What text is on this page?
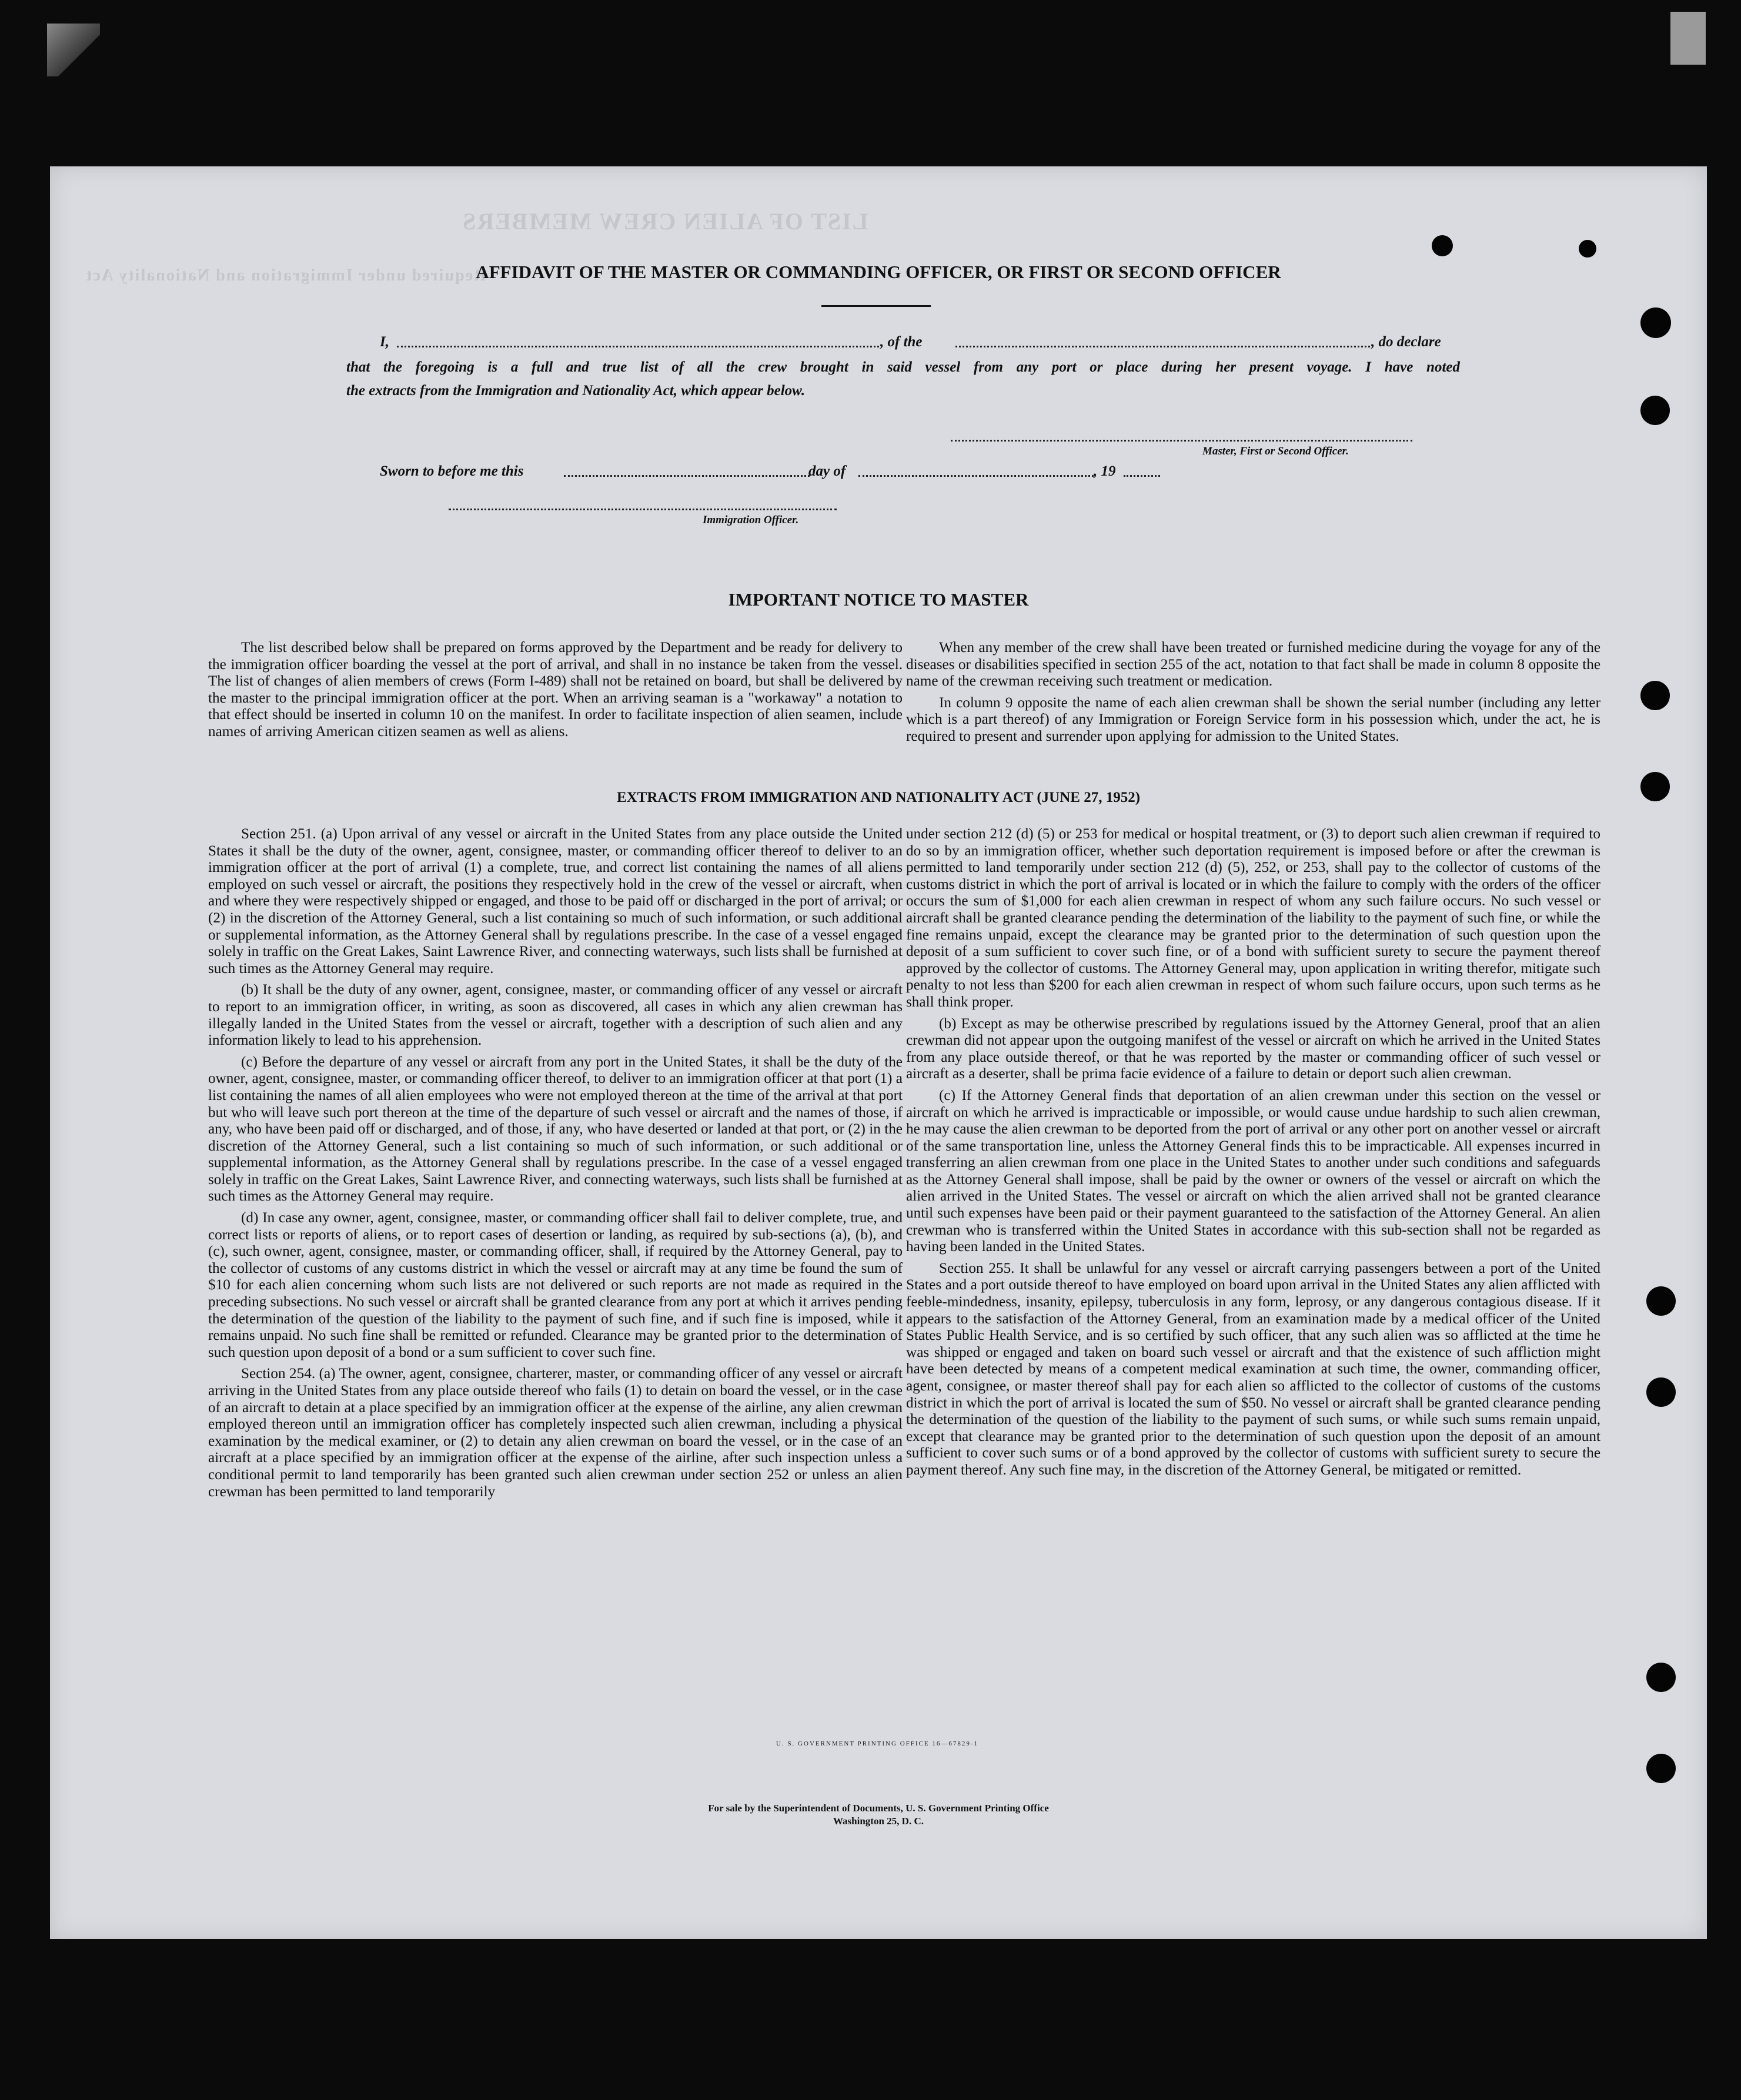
LIST OF ALIEN CREW MEMBERS
Required under Immigration and Nationality Act
AFFIDAVIT OF THE MASTER OR COMMANDING OFFICER, OR FIRST OR SECOND OFFICER
I,	, of the	, do declare
that the foregoing is a full and true list of all the crew brought in said vessel from any port or place during her present voyage. I have noted
the extracts from the Immigration and Nationality Act, which appear below.
Master, First or Second Officer.
Sworn to before me this	day of	, 19
Immigration Officer.
IMPORTANT NOTICE TO MASTER

The list described below shall be prepared on forms approved by the Department and be ready for delivery to the immigration officer boarding the vessel at the port of arrival, and shall in no instance be taken from the vessel. The list of changes of alien members of crews (Form I-489) shall not be retained on board, but shall be delivered by the master to the principal immigration officer at the port. When an arriving seaman is a "workaway" a notation to that effect should be inserted in column 10 on the manifest. In order to facilitate inspection of alien seamen, include names of arriving American citizen seamen as well as aliens.

When any member of the crew shall have been treated or furnished medicine during the voyage for any of the diseases or disabilities specified in section 255 of the act, notation to that fact shall be made in column 8 opposite the name of the crewman receiving such treatment or medication.

In column 9 opposite the name of each alien crewman shall be shown the serial number (including any letter which is a part thereof) of any Immigration or Foreign Service form in his possession which, under the act, he is required to present and surrender upon applying for admission to the United States.

EXTRACTS FROM IMMIGRATION AND NATIONALITY ACT (JUNE 27, 1952)

Section 251. (a) Upon arrival of any vessel or aircraft in the United States from any place outside the United States it shall be the duty of the owner, agent, consignee, master, or commanding officer thereof to deliver to an immigration officer at the port of arrival (1) a complete, true, and correct list containing the names of all aliens employed on such vessel or aircraft, the positions they respectively hold in the crew of the vessel or aircraft, when and where they were respectively shipped or engaged, and those to be paid off or discharged in the port of arrival; or (2) in the discretion of the Attorney General, such a list containing so much of such information, or such additional or supplemental information, as the Attorney General shall by regulations prescribe. In the case of a vessel engaged solely in traffic on the Great Lakes, Saint Lawrence River, and connecting waterways, such lists shall be furnished at such times as the Attorney General may require.

(b) It shall be the duty of any owner, agent, consignee, master, or commanding officer of any vessel or aircraft to report to an immigration officer, in writing, as soon as discovered, all cases in which any alien crewman has illegally landed in the United States from the vessel or aircraft, together with a description of such alien and any information likely to lead to his apprehension.

(c) Before the departure of any vessel or aircraft from any port in the United States, it shall be the duty of the owner, agent, consignee, master, or commanding officer thereof, to deliver to an immigration officer at that port (1) a list containing the names of all alien employees who were not employed thereon at the time of the arrival at that port but who will leave such port thereon at the time of the departure of such vessel or aircraft and the names of those, if any, who have been paid off or discharged, and of those, if any, who have deserted or landed at that port, or (2) in the discretion of the Attorney General, such a list containing so much of such information, or such additional or supplemental information, as the Attorney General shall by regulations prescribe. In the case of a vessel engaged solely in traffic on the Great Lakes, Saint Lawrence River, and connecting waterways, such lists shall be furnished at such times as the Attorney General may require.

(d) In case any owner, agent, consignee, master, or commanding officer shall fail to deliver complete, true, and correct lists or reports of aliens, or to report cases of desertion or landing, as required by sub-sections (a), (b), and (c), such owner, agent, consignee, master, or commanding officer, shall, if required by the Attorney General, pay to the collector of customs of any customs district in which the vessel or aircraft may at any time be found the sum of $10 for each alien concerning whom such lists are not delivered or such reports are not made as required in the preceding subsections. No such vessel or aircraft shall be granted clearance from any port at which it arrives pending the determination of the question of the liability to the payment of such fine, and if such fine is imposed, while it remains unpaid. No such fine shall be remitted or refunded. Clearance may be granted prior to the determination of such question upon deposit of a bond or a sum sufficient to cover such fine.

Section 254. (a) The owner, agent, consignee, charterer, master, or commanding officer of any vessel or aircraft arriving in the United States from any place outside thereof who fails (1) to detain on board the vessel, or in the case of an aircraft to detain at a place specified by an immigration officer at the expense of the airline, any alien crewman employed thereon until an immigration officer has completely inspected such alien crewman, including a physical examination by the medical examiner, or (2) to detain any alien crewman on board the vessel, or in the case of an aircraft at a place specified by an immigration officer at the expense of the airline, after such inspection unless a conditional permit to land temporarily has been granted such alien crewman under section 252 or unless an alien crewman has been permitted to land temporarily

under section 212 (d) (5) or 253 for medical or hospital treatment, or (3) to deport such alien crewman if required to do so by an immigration officer, whether such deportation requirement is imposed before or after the crewman is permitted to land temporarily under section 212 (d) (5), 252, or 253, shall pay to the collector of customs of the customs district in which the port of arrival is located or in which the failure to comply with the orders of the officer occurs the sum of $1,000 for each alien crewman in respect of whom any such failure occurs. No such vessel or aircraft shall be granted clearance pending the determination of the liability to the payment of such fine, or while the fine remains unpaid, except the clearance may be granted prior to the determination of such question upon the deposit of a sum sufficient to cover such fine, or of a bond with sufficient surety to secure the payment thereof approved by the collector of customs. The Attorney General may, upon application in writing therefor, mitigate such penalty to not less than $200 for each alien crewman in respect of whom such failure occurs, upon such terms as he shall think proper.

(b) Except as may be otherwise prescribed by regulations issued by the Attorney General, proof that an alien crewman did not appear upon the outgoing manifest of the vessel or aircraft on which he arrived in the United States from any place outside thereof, or that he was reported by the master or commanding officer of such vessel or aircraft as a deserter, shall be prima facie evidence of a failure to detain or deport such alien crewman.

(c) If the Attorney General finds that deportation of an alien crewman under this section on the vessel or aircraft on which he arrived is impracticable or impossible, or would cause undue hardship to such alien crewman, he may cause the alien crewman to be deported from the port of arrival or any other port on another vessel or aircraft of the same transportation line, unless the Attorney General finds this to be impracticable. All expenses incurred in transferring an alien crewman from one place in the United States to another under such conditions and safeguards as the Attorney General shall impose, shall be paid by the owner or owners of the vessel or aircraft on which the alien arrived in the United States. The vessel or aircraft on which the alien arrived shall not be granted clearance until such expenses have been paid or their payment guaranteed to the satisfaction of the Attorney General. An alien crewman who is transferred within the United States in accordance with this sub-section shall not be regarded as having been landed in the United States.

Section 255. It shall be unlawful for any vessel or aircraft carrying passengers between a port of the United States and a port outside thereof to have employed on board upon arrival in the United States any alien afflicted with feeble-mindedness, insanity, epilepsy, tuberculosis in any form, leprosy, or any dangerous contagious disease. If it appears to the satisfaction of the Attorney General, from an examination made by a medical officer of the United States Public Health Service, and is so certified by such officer, that any such alien was so afflicted at the time he was shipped or engaged and taken on board such vessel or aircraft and that the existence of such affliction might have been detected by means of a competent medical examination at such time, the owner, commanding officer, agent, consignee, or master thereof shall pay for each alien so afflicted to the collector of customs of the customs district in which the port of arrival is located the sum of $50. No vessel or aircraft shall be granted clearance pending the determination of the question of the liability to the payment of such sums, or while such sums remain unpaid, except that clearance may be granted prior to the determination of such question upon the deposit of an amount sufficient to cover such sums or of a bond approved by the collector of customs with sufficient surety to secure the payment thereof. Any such fine may, in the discretion of the Attorney General, be mitigated or remitted.

U. S. GOVERNMENT PRINTING OFFICE 16—67829-1
For sale by the Superintendent of Documents, U. S. Government Printing Office
Washington 25, D. C.
